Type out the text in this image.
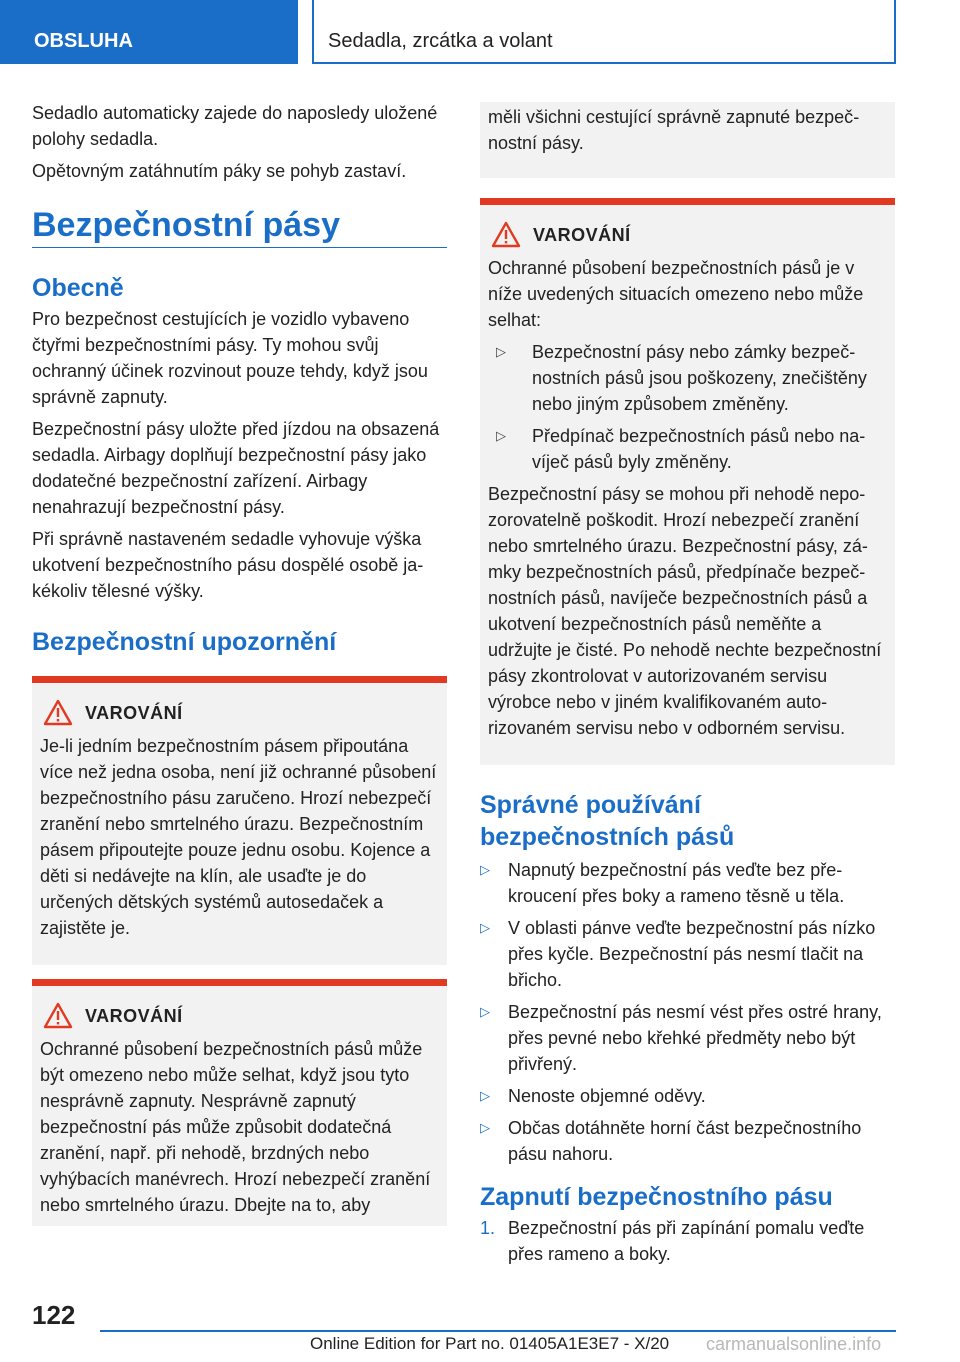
OBSLUHA	Sedadla, zrcátka a volant

Sedadlo automaticky zajede do naposledy uložené polohy sedadla.

Opětovným zatáhnutím páky se pohyb zastaví.

Bezpečnostní pásy
Obecně

Pro bezpečnost cestujících je vozidlo vybaveno čtyřmi bezpečnostními pásy. Ty mohou svůj ochranný účinek rozvinout pouze tehdy, když jsou správně zapnuty.

Bezpečnostní pásy uložte před jízdou na obsazená sedadla. Airbagy doplňují bezpečnostní pásy jako dodatečné bezpečnostní zařízení. Airbagy nenahrazují bezpečnostní pásy.

Při správně nastaveném sedadle vyhovuje výška ukotvení bezpečnostního pásu dospělé osobě jakékoliv tělesné výšky.

Bezpečnostní upozornění
VAROVÁNÍ

Je-li jedním bezpečnostním pásem připoutána více než jedna osoba, není již ochranné působení bezpečnostního pásu zaručeno. Hrozí nebezpečí zranění nebo smrtelného úrazu. Bezpečnostním pásem připoutejte pouze jednu osobu. Kojence a děti si nedávejte na klín, ale usaďte je do určených dětských systémů autosedaček a zajistěte je.

VAROVÁNÍ

Ochranné působení bezpečnostních pásů může být omezeno nebo může selhat, když jsou tyto nesprávně zapnuty. Nesprávně zapnutý bezpečnostní pás může způsobit dodatečná zranění, např. při nehodě, brzdných nebo vyhýbacích manévrech. Hrozí nebezpečí zranění nebo smrtelného úrazu. Dbejte na to, aby

měli všichni cestující správně zapnuté bezpečnostní pásy.

VAROVÁNÍ

Ochranné působení bezpečnostních pásů je v níže uvedených situacích omezeno nebo může selhat:

▷	Bezpečnostní pásy nebo zámky bezpečnostních pásů jsou poškozeny, znečištěny nebo jiným způsobem změněny.
▷	Předpínač bezpečnostních pásů nebo navíječ pásů byly změněny.

Bezpečnostní pásy se mohou při nehodě nepozorovatelně poškodit. Hrozí nebezpečí zranění nebo smrtelného úrazu. Bezpečnostní pásy, zámky bezpečnostních pásů, předpínače bezpečnostních pásů, navíječe bezpečnostních pásů a ukotvení bezpečnostních pásů neměňte a udržujte je čisté. Po nehodě nechte bezpečnostní pásy zkontrolovat v autorizovaném servisu výrobce nebo v jiném kvalifikovaném autorizovaném servisu nebo v odborném servisu.

Správné používání bezpečnostních pásů
▷	Napnutý bezpečnostní pás veďte bez překroucení přes boky a rameno těsně u těla.
▷	V oblasti pánve veďte bezpečnostní pás nízko přes kyčle. Bezpečnostní pás nesmí tlačit na břicho.
▷	Bezpečnostní pás nesmí vést přes ostré hrany, přes pevné nebo křehké předměty nebo být přivřený.
▷	Nenoste objemné oděvy.
▷	Občas dotáhněte horní část bezpečnostního pásu nahoru.
Zapnutí bezpečnostního pásu
1. Bezpečnostní pás při zapínání pomalu veďte přes rameno a boky.
122
Online Edition for Part no. 01405A1E3E7 - X/20 carmanualsonline.info
